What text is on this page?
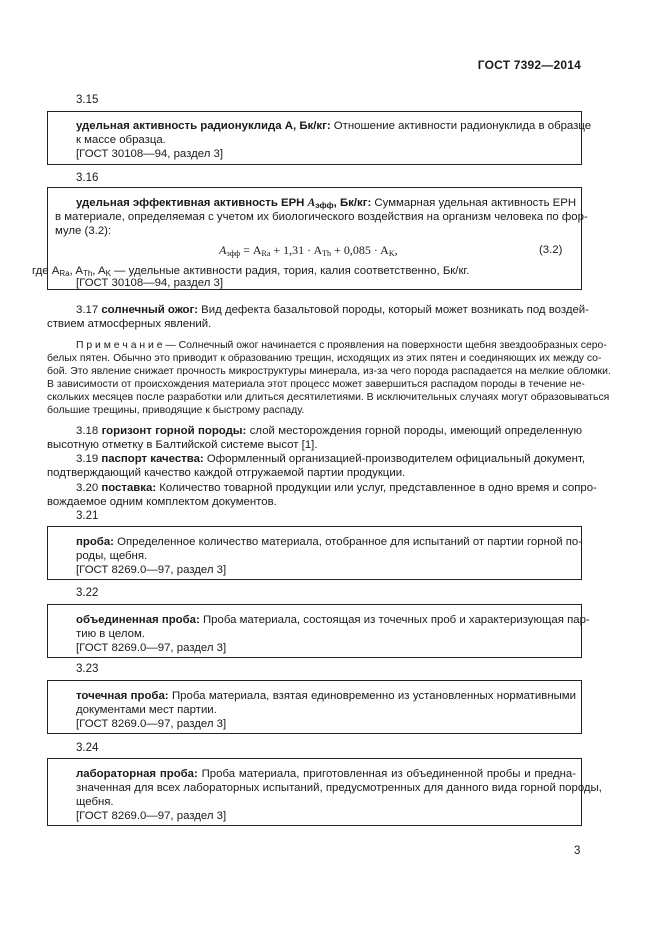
ГОСТ 7392—2014
3.15
удельная активность радионуклида А, Бк/кг: Отношение активности радионуклида в образце
к массе образца.
[ГОСТ 30108—94, раздел 3]
3.16
удельная эффективная активность ЕРН $A_{эфф}$, Бк/кг: Суммарная удельная активность ЕРН
в материале, определяемая с учетом их биологического воздействия на организм человека по фор-
муле (3.2):
$A_{эфф} = A_{Ra} + 1,31 \cdot A_{Th} + 0,085 \cdot A_K$,	(3.2)
где $A_{Ra}$, $A_{Th}$, $A_K$ — удельные активности радия, тория, калия соответственно, Бк/кг.
[ГОСТ 30108—94, раздел 3]
3.17 солнечный ожог: Вид дефекта базальтовой породы, который может возникать под воздей-
ствием атмосферных явлений.
П р и м е ч а н и е — Солнечный ожог начинается с проявления на поверхности щебня звездообразных серо-
белых пятен. Обычно это приводит к образованию трещин, исходящих из этих пятен и соединяющих их между со-
бой. Это явление снижает прочность микроструктуры минерала, из-за чего порода распадается на мелкие обломки.
В зависимости от происхождения материала этот процесс может завершиться распадом породы в течение не-
скольких месяцев после разработки или длиться десятилетиями. В исключительных случаях могут образовываться
большие трещины, приводящие к быстрому распаду.
3.18 горизонт горной породы: слой месторождения горной породы, имеющий определенную
высотную отметку в Балтийской системе высот [1].
3.19 паспорт качества: Оформленный организацией-производителем официальный документ,
подтверждающий качество каждой отгружаемой партии продукции.
3.20 поставка: Количество товарной продукции или услуг, представленное в одно время и сопро-
вождаемое одним комплектом документов.
3.21
проба: Определенное количество материала, отобранное для испытаний от партии горной по-
роды, щебня.
[ГОСТ 8269.0—97, раздел 3]
3.22
объединенная проба: Проба материала, состоящая из точечных проб и характеризующая пар-
тию в целом.
[ГОСТ 8269.0—97, раздел 3]
3.23
точечная проба: Проба материала, взятая единовременно из установленных нормативными
документами мест партии.
[ГОСТ 8269.0—97, раздел 3]
3.24
лабораторная проба: Проба материала, приготовленная из объединенной пробы и предна-
значенная для всех лабораторных испытаний, предусмотренных для данного вида горной породы,
щебня.
[ГОСТ 8269.0—97, раздел 3]
3
